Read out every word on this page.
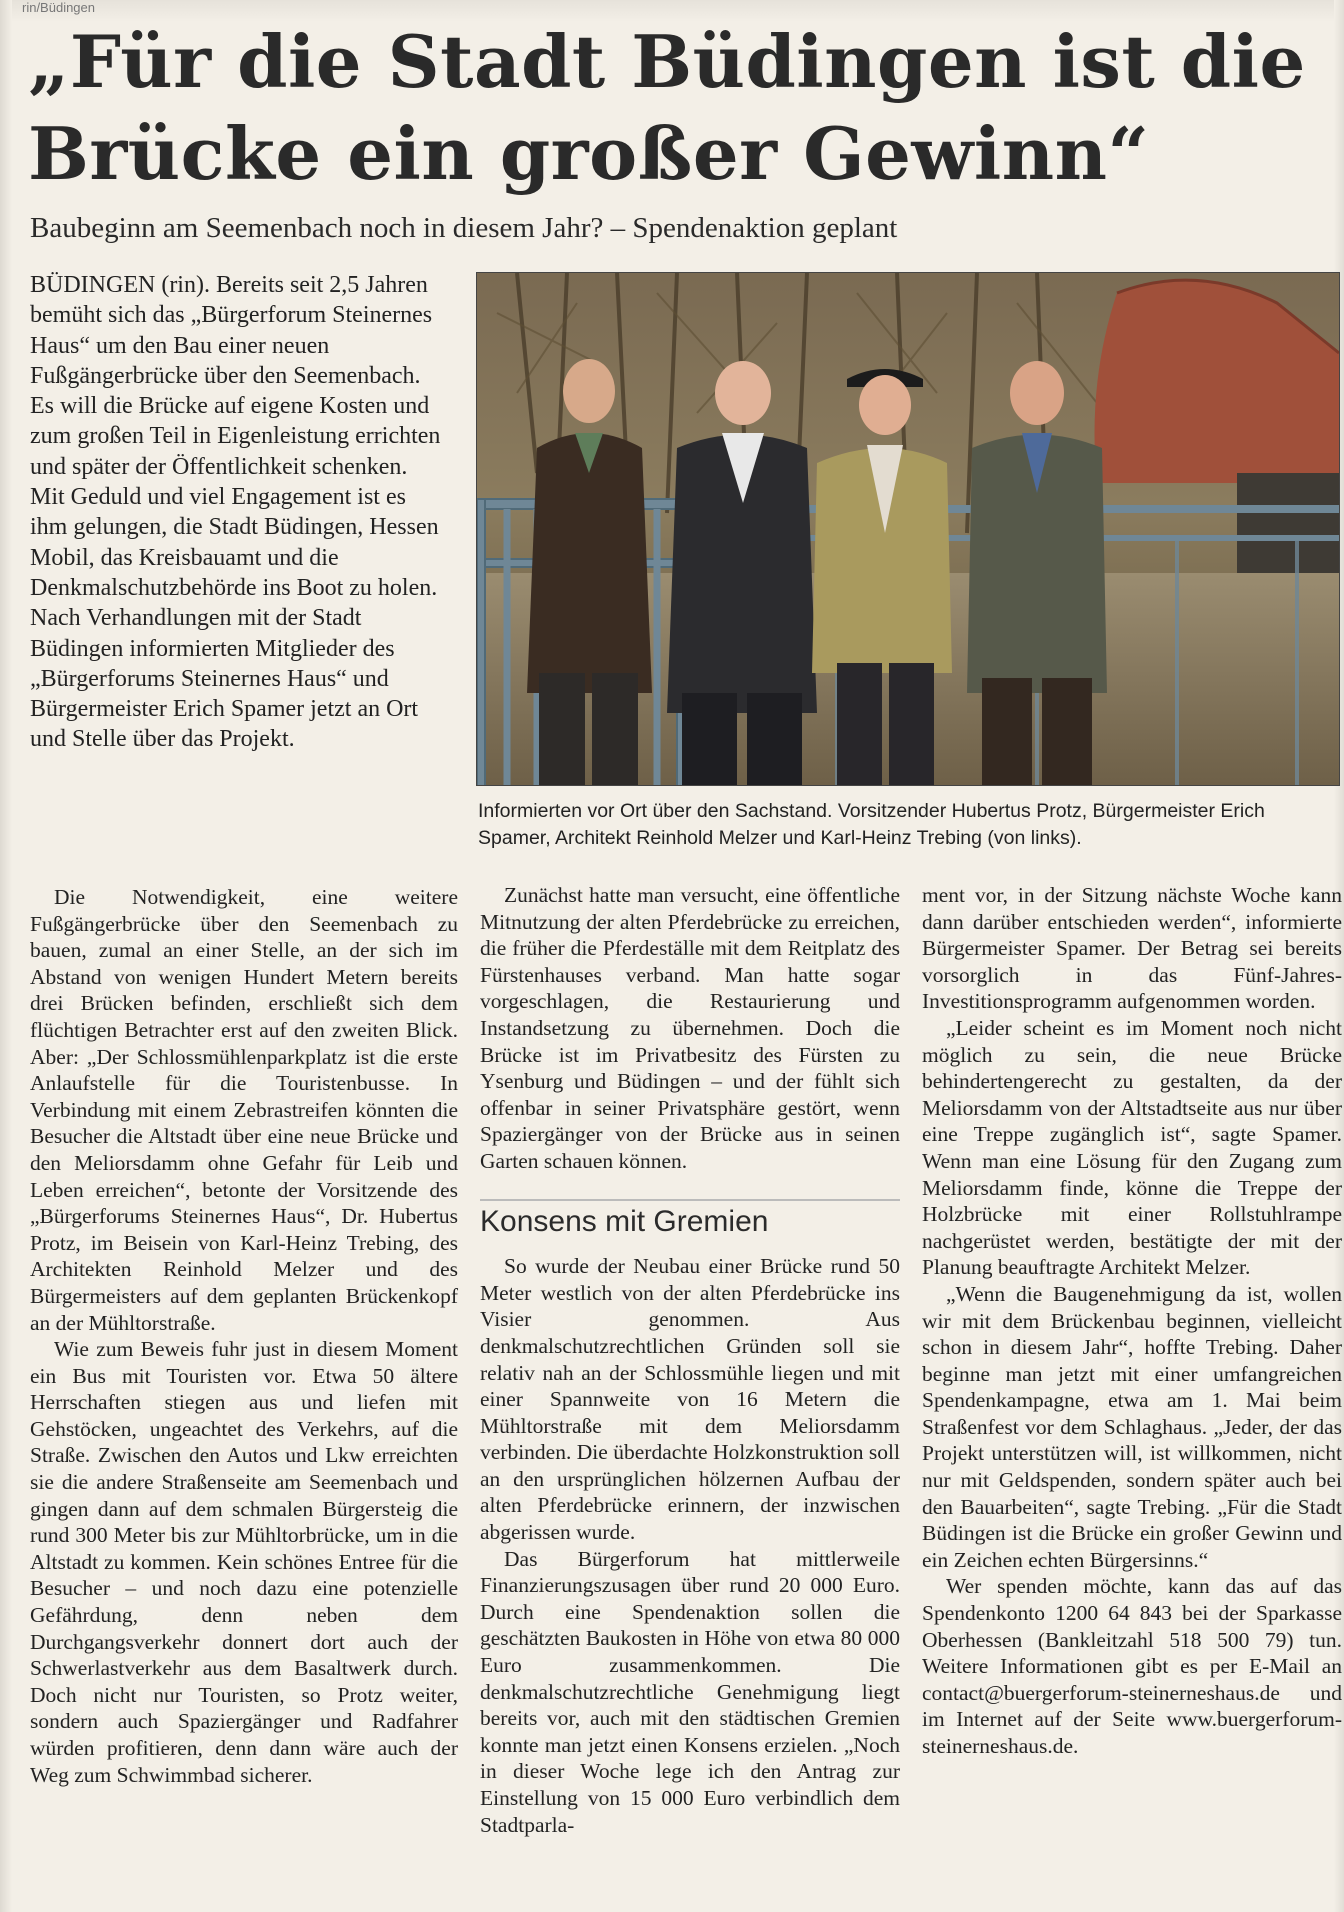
rin/Büdingen
„Für die Stadt Büdingen ist die Brücke ein großer Gewinn“
Baubeginn am Seemenbach noch in diesem Jahr? – Spendenaktion geplant

BÜDINGEN (rin). Bereits seit 2,5 Jahren bemüht sich das „Bürgerforum Steinernes Haus“ um den Bau einer neuen Fußgängerbrücke über den Seemenbach. Es will die Brücke auf eigene Kosten und zum großen Teil in Eigenleistung errichten und später der Öffentlichkeit schenken. Mit Geduld und viel Engagement ist es ihm gelungen, die Stadt Büdingen, Hessen Mobil, das Kreisbauamt und die Denkmalschutzbehörde ins Boot zu holen. Nach Verhandlungen mit der Stadt Büdingen informierten Mitglieder des „Bürgerforums Steinernes Haus“ und Bürgermeister Erich Spamer jetzt an Ort und Stelle über das Projekt.

Informierten vor Ort über den Sachstand. Vorsitzender Hubertus Protz, Bürgermeister Erich Spamer, Architekt Reinhold Melzer und Karl-Heinz Trebing (von links).

Die Notwendigkeit, eine weitere Fußgängerbrücke über den Seemenbach zu bauen, zumal an einer Stelle, an der sich im Abstand von wenigen Hundert Metern bereits drei Brücken befinden, erschließt sich dem flüchtigen Betrachter erst auf den zweiten Blick. Aber: „Der Schlossmühlenparkplatz ist die erste Anlaufstelle für die Touristenbusse. In Verbindung mit einem Zebrastreifen könnten die Besucher die Altstadt über eine neue Brücke und den Meliorsdamm ohne Gefahr für Leib und Leben erreichen“, betonte der Vorsitzende des „Bürgerforums Steinernes Haus“, Dr. Hubertus Protz, im Beisein von Karl-Heinz Trebing, des Architekten Reinhold Melzer und des Bürgermeisters auf dem geplanten Brückenkopf an der Mühltorstraße.

Wie zum Beweis fuhr just in diesem Moment ein Bus mit Touristen vor. Etwa 50 ältere Herrschaften stiegen aus und liefen mit Gehstöcken, ungeachtet des Verkehrs, auf die Straße. Zwischen den Autos und Lkw erreichten sie die andere Straßenseite am Seemenbach und gingen dann auf dem schmalen Bürgersteig die rund 300 Meter bis zur Mühltorbrücke, um in die Altstadt zu kommen. Kein schönes Entree für die Besucher – und noch dazu eine potenzielle Gefährdung, denn neben dem Durchgangsverkehr donnert dort auch der Schwerlastverkehr aus dem Basaltwerk durch. Doch nicht nur Touristen, so Protz weiter, sondern auch Spaziergänger und Radfahrer würden profitieren, denn dann wäre auch der Weg zum Schwimmbad sicherer.

Zunächst hatte man versucht, eine öffentliche Mitnutzung der alten Pferdebrücke zu erreichen, die früher die Pferdeställe mit dem Reitplatz des Fürstenhauses verband. Man hatte sogar vorgeschlagen, die Restaurierung und Instandsetzung zu übernehmen. Doch die Brücke ist im Privatbesitz des Fürsten zu Ysenburg und Büdingen – und der fühlt sich offenbar in seiner Privatsphäre gestört, wenn Spaziergänger von der Brücke aus in seinen Garten schauen können.

Konsens mit Gremien

So wurde der Neubau einer Brücke rund 50 Meter westlich von der alten Pferdebrücke ins Visier genommen. Aus denkmalschutzrechtlichen Gründen soll sie relativ nah an der Schlossmühle liegen und mit einer Spannweite von 16 Metern die Mühltorstraße mit dem Meliorsdamm verbinden. Die überdachte Holzkonstruktion soll an den ursprünglichen hölzernen Aufbau der alten Pferdebrücke erinnern, der inzwischen abgerissen wurde.

Das Bürgerforum hat mittlerweile Finanzierungszusagen über rund 20 000 Euro. Durch eine Spendenaktion sollen die geschätzten Baukosten in Höhe von etwa 80 000 Euro zusammenkommen. Die denkmalschutzrechtliche Genehmigung liegt bereits vor, auch mit den städtischen Gremien konnte man jetzt einen Konsens erzielen. „Noch in dieser Woche lege ich den Antrag zur Einstellung von 15 000 Euro verbindlich dem Stadtparla-

ment vor, in der Sitzung nächste Woche kann dann darüber entschieden werden“, informierte Bürgermeister Spamer. Der Betrag sei bereits vorsorglich in das Fünf-Jahres-Investitionsprogramm aufgenommen worden.

„Leider scheint es im Moment noch nicht möglich zu sein, die neue Brücke behindertengerecht zu gestalten, da der Meliorsdamm von der Altstadtseite aus nur über eine Treppe zugänglich ist“, sagte Spamer. Wenn man eine Lösung für den Zugang zum Meliorsdamm finde, könne die Treppe der Holzbrücke mit einer Rollstuhlrampe nachgerüstet werden, bestätigte der mit der Planung beauftragte Architekt Melzer.

„Wenn die Baugenehmigung da ist, wollen wir mit dem Brückenbau beginnen, vielleicht schon in diesem Jahr“, hoffte Trebing. Daher beginne man jetzt mit einer umfangreichen Spendenkampagne, etwa am 1. Mai beim Straßenfest vor dem Schlaghaus. „Jeder, der das Projekt unterstützen will, ist willkommen, nicht nur mit Geldspenden, sondern später auch bei den Bauarbeiten“, sagte Trebing. „Für die Stadt Büdingen ist die Brücke ein großer Gewinn und ein Zeichen echten Bürgersinns.“

Wer spenden möchte, kann das auf das Spendenkonto 1200 64 843 bei der Sparkasse Oberhessen (Bankleitzahl 518 500 79) tun. Weitere Informationen gibt es per E-Mail an contact@buergerforum-steinerneshaus.de und im Internet auf der Seite www.buergerforum-steinerneshaus.de.
